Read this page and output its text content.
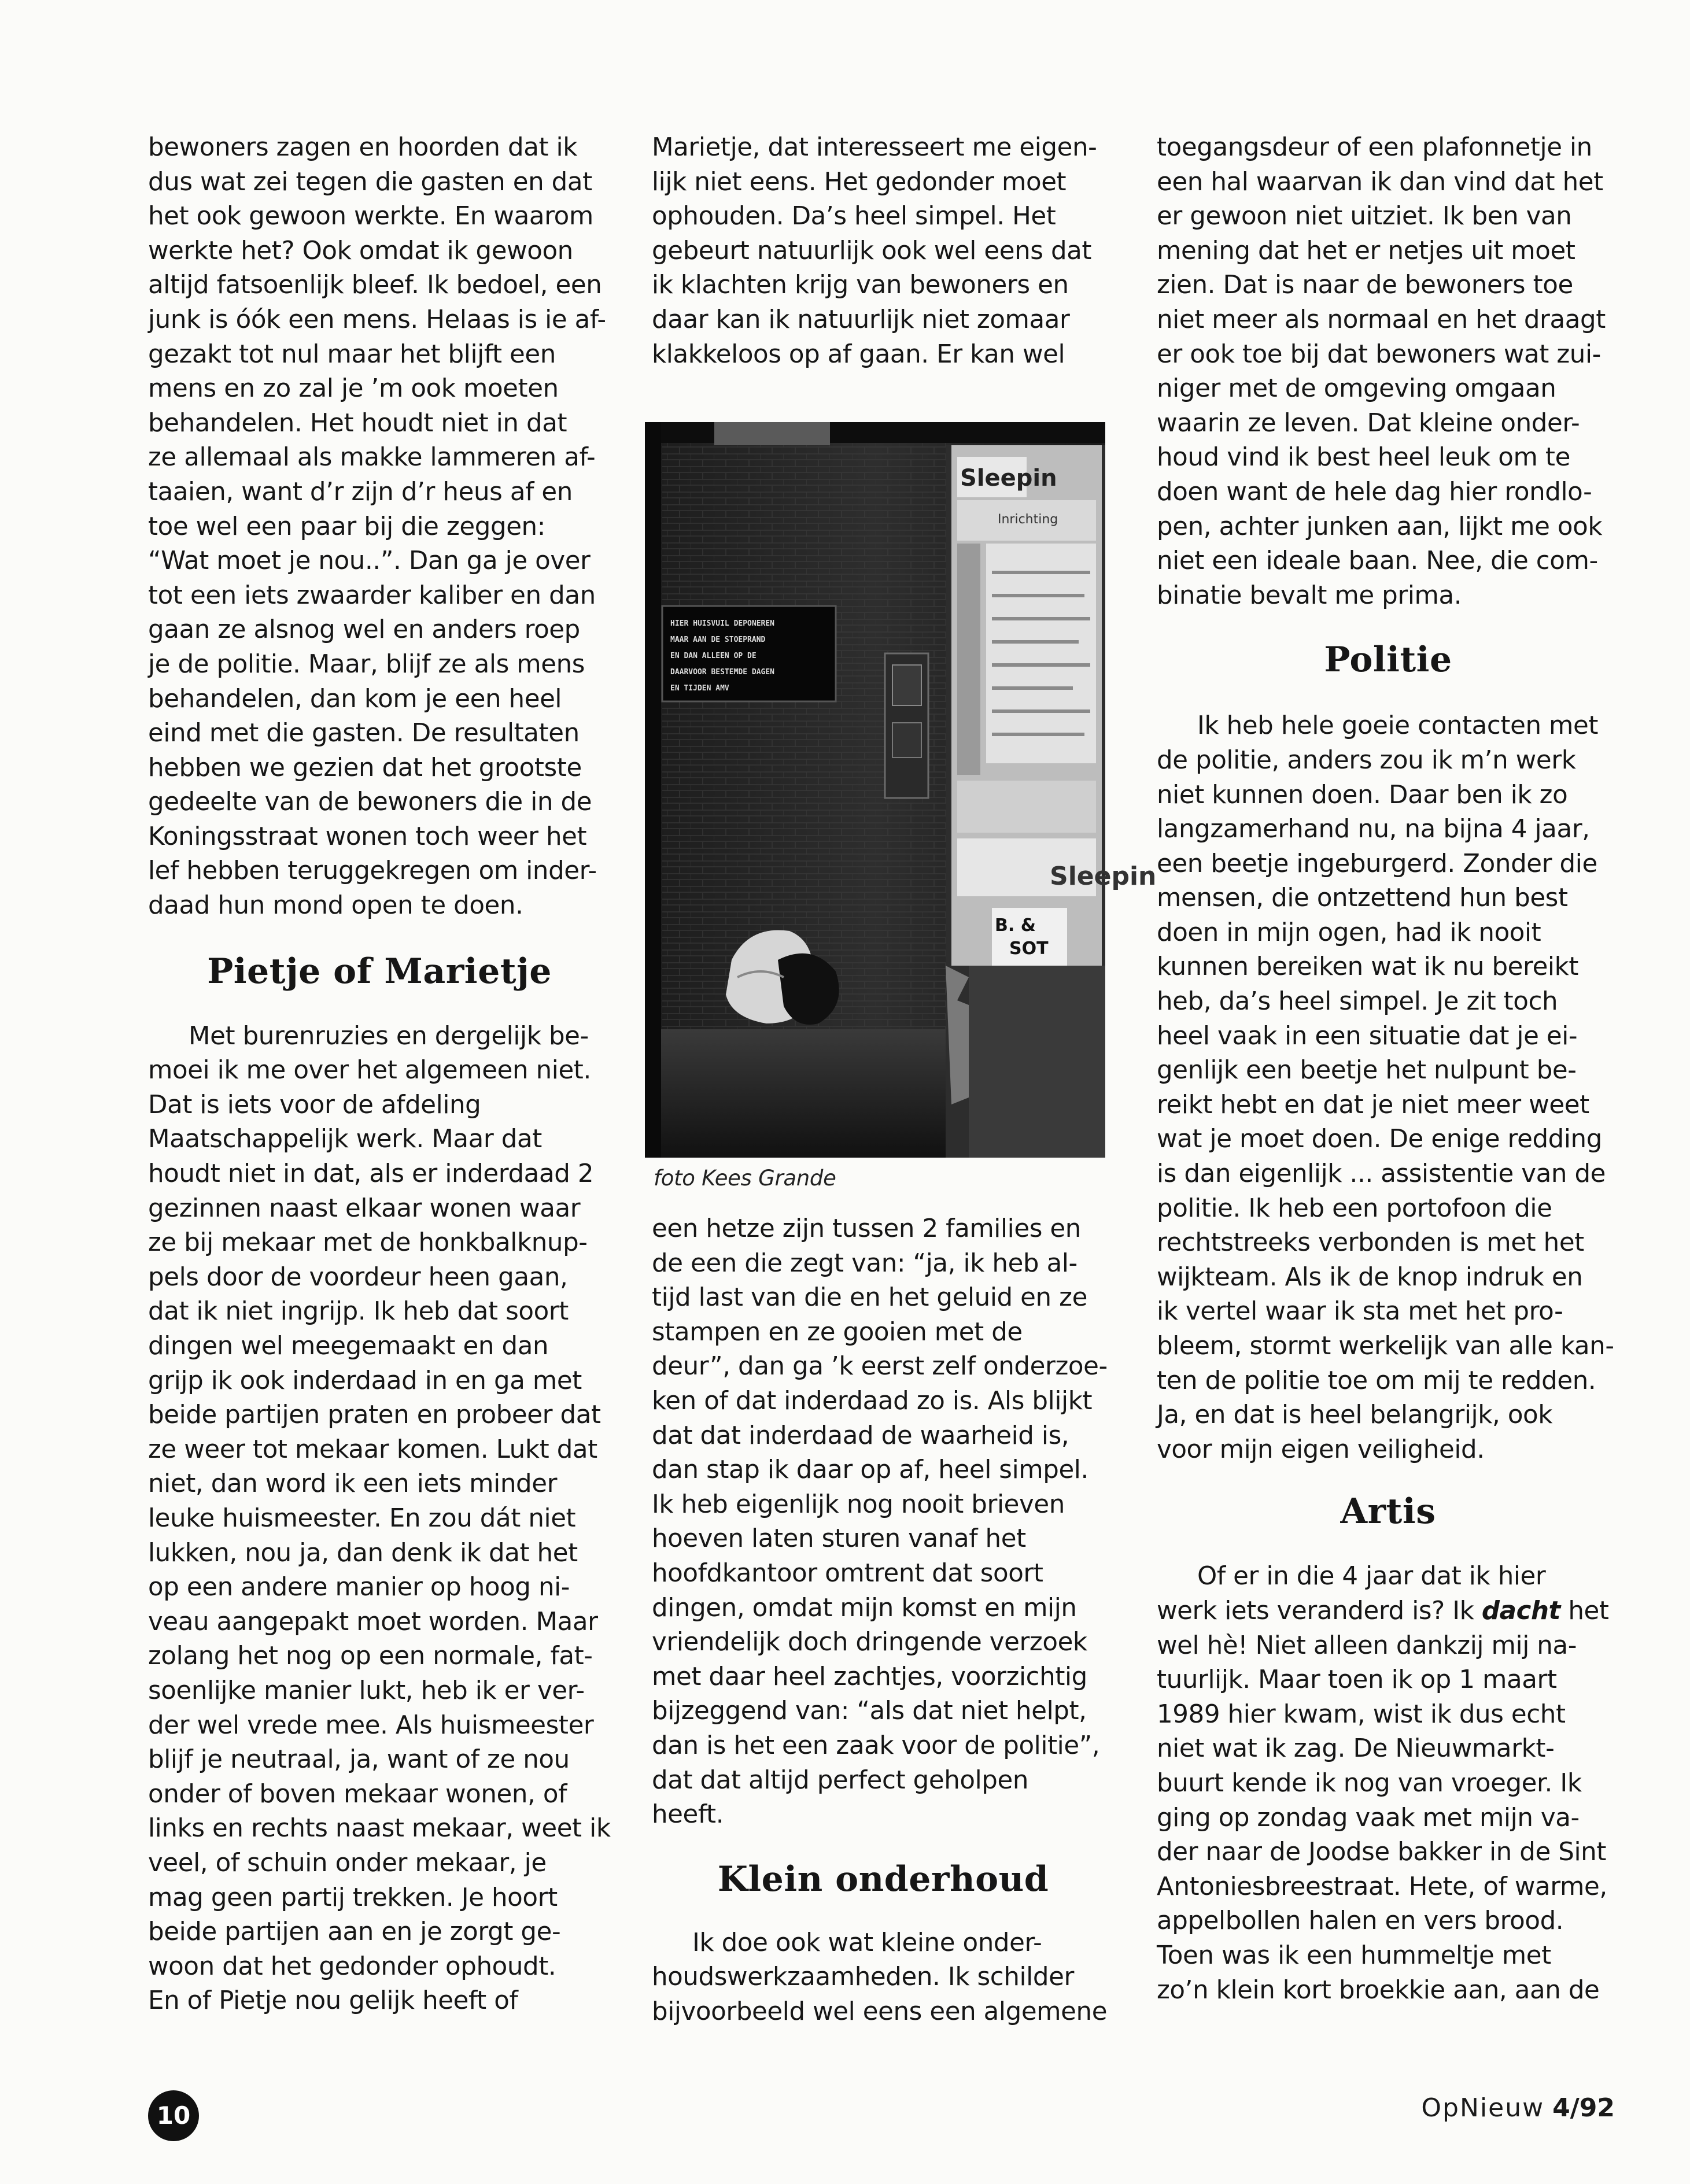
bewoners zagen en hoorden dat ik
dus wat zei tegen die gasten en dat
het ook gewoon werkte. En waarom
werkte het? Ook omdat ik gewoon
altijd fatsoenlijk bleef. Ik bedoel, een
junk is óók een mens. Helaas is ie af-
gezakt tot nul maar het blijft een
mens en zo zal je ’m ook moeten
behandelen. Het houdt niet in dat
ze allemaal als makke lammeren af-
taaien, want d’r zijn d’r heus af en
toe wel een paar bij die zeggen:
“Wat moet je nou..”. Dan ga je over
tot een iets zwaarder kaliber en dan
gaan ze alsnog wel en anders roep
je de politie. Maar, blijf ze als mens
behandelen, dan kom je een heel
eind met die gasten. De resultaten
hebben we gezien dat het grootste
gedeelte van de bewoners die in de
Koningsstraat wonen toch weer het
lef hebben teruggekregen om inder-
daad hun mond open te doen.

Pietje of Marietje

Met burenruzies en dergelijk be-
moei ik me over het algemeen niet.
Dat is iets voor de afdeling
Maatschappelijk werk. Maar dat
houdt niet in dat, als er inderdaad 2
gezinnen naast elkaar wonen waar
ze bij mekaar met de honkbalknup-
pels door de voordeur heen gaan,
dat ik niet ingrijp. Ik heb dat soort
dingen wel meegemaakt en dan
grijp ik ook inderdaad in en ga met
beide partijen praten en probeer dat
ze weer tot mekaar komen. Lukt dat
niet, dan word ik een iets minder
leuke huismeester. En zou dát niet
lukken, nou ja, dan denk ik dat het
op een andere manier op hoog ni-
veau aangepakt moet worden. Maar
zolang het nog op een normale, fat-
soenlijke manier lukt, heb ik er ver-
der wel vrede mee. Als huismeester
blijf je neutraal, ja, want of ze nou
onder of boven mekaar wonen, of
links en rechts naast mekaar, weet ik
veel, of schuin onder mekaar, je
mag geen partij trekken. Je hoort
beide partijen aan en je zorgt ge-
woon dat het gedonder ophoudt.
En of Pietje nou gelijk heeft of

Marietje, dat interesseert me eigen-
lijk niet eens. Het gedonder moet
ophouden. Da’s heel simpel. Het
gebeurt natuurlijk ook wel eens dat
ik klachten krijg van bewoners en
daar kan ik natuurlijk niet zomaar
klakkeloos op af gaan. Er kan wel

HIER HUISVUIL DEPONEREN
MAAR AAN DE STOEPRAND
EN DAN ALLEEN OP DE
DAARVOOR BESTEMDE DAGEN
EN TIJDEN AMV
Sleepin
Inrichting
Sleepin
B. &
SOT
foto Kees Grande

een hetze zijn tussen 2 families en
de een die zegt van: “ja, ik heb al-
tijd last van die en het geluid en ze
stampen en ze gooien met de
deur”, dan ga ’k eerst zelf onderzoe-
ken of dat inderdaad zo is. Als blijkt
dat dat inderdaad de waarheid is,
dan stap ik daar op af, heel simpel.
Ik heb eigenlijk nog nooit brieven
hoeven laten sturen vanaf het
hoofdkantoor omtrent dat soort
dingen, omdat mijn komst en mijn
vriendelijk doch dringende verzoek
met daar heel zachtjes, voorzichtig
bijzeggend van: “als dat niet helpt,
dan is het een zaak voor de politie”,
dat dat altijd perfect geholpen
heeft.

Klein onderhoud

Ik doe ook wat kleine onder-
houdswerkzaamheden. Ik schilder
bijvoorbeeld wel eens een algemene

toegangsdeur of een plafonnetje in
een hal waarvan ik dan vind dat het
er gewoon niet uitziet. Ik ben van
mening dat het er netjes uit moet
zien. Dat is naar de bewoners toe
niet meer als normaal en het draagt
er ook toe bij dat bewoners wat zui-
niger met de omgeving omgaan
waarin ze leven. Dat kleine onder-
houd vind ik best heel leuk om te
doen want de hele dag hier rondlo-
pen, achter junken aan, lijkt me ook
niet een ideale baan. Nee, die com-
binatie bevalt me prima.

Politie

Ik heb hele goeie contacten met
de politie, anders zou ik m’n werk
niet kunnen doen. Daar ben ik zo
langzamerhand nu, na bijna 4 jaar,
een beetje ingeburgerd. Zonder die
mensen, die ontzettend hun best
doen in mijn ogen, had ik nooit
kunnen bereiken wat ik nu bereikt
heb, da’s heel simpel. Je zit toch
heel vaak in een situatie dat je ei-
genlijk een beetje het nulpunt be-
reikt hebt en dat je niet meer weet
wat je moet doen. De enige redding
is dan eigenlijk ... assistentie van de
politie. Ik heb een portofoon die
rechtstreeks verbonden is met het
wijkteam. Als ik de knop indruk en
ik vertel waar ik sta met het pro-
bleem, stormt werkelijk van alle kan-
ten de politie toe om mij te redden.
Ja, en dat is heel belangrijk, ook
voor mijn eigen veiligheid.

Artis

Of er in die 4 jaar dat ik hier
werk iets veranderd is? Ik dacht het
wel hè! Niet alleen dankzij mij na-
tuurlijk. Maar toen ik op 1 maart
1989 hier kwam, wist ik dus echt
niet wat ik zag. De Nieuwmarkt-
buurt kende ik nog van vroeger. Ik
ging op zondag vaak met mijn va-
der naar de Joodse bakker in de Sint
Antoniesbreestraat. Hete, of warme,
appelbollen halen en vers brood.
Toen was ik een hummeltje met
zo’n klein kort broekkie aan, aan de

10	OpNieuw 4/92
